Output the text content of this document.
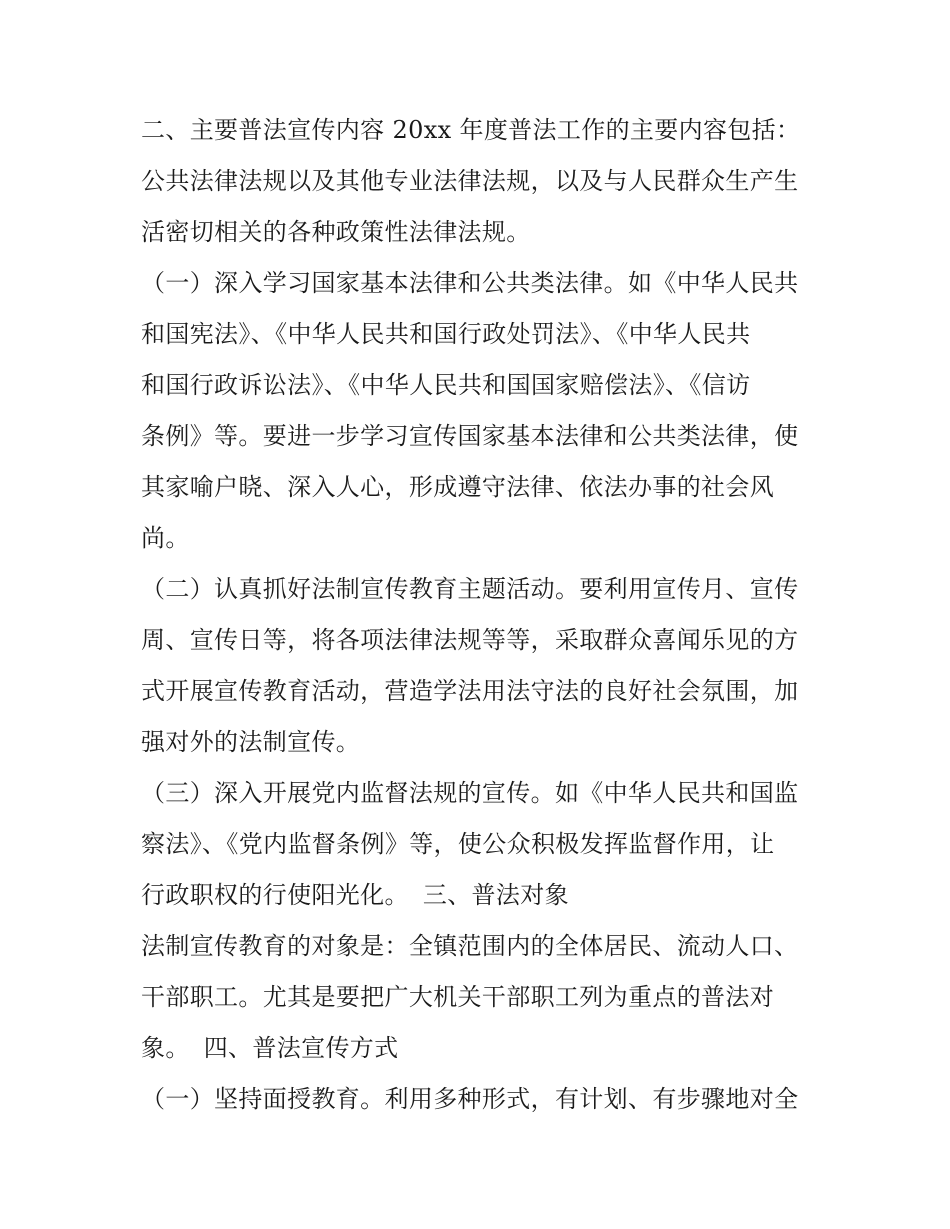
二、主要普法宣传内容 20xx 年度普法工作的主要内容包括：
公共法律法规以及其他专业法律法规，以及与人民群众生产生
活密切相关的各种政策性法律法规。
（一）深入学习国家基本法律和公共类法律。如《中华人民共
和国宪法》、《中华人民共和国行政处罚法》、《中华人民共
和国行政诉讼法》、《中华人民共和国国家赔偿法》、《信访
条例》等。要进一步学习宣传国家基本法律和公共类法律，使
其家喻户晓、深入人心，形成遵守法律、依法办事的社会风
尚。
（二）认真抓好法制宣传教育主题活动。要利用宣传月、宣传
周、宣传日等，将各项法律法规等等，采取群众喜闻乐见的方
式开展宣传教育活动，营造学法用法守法的良好社会氛围，加
强对外的法制宣传。
（三）深入开展党内监督法规的宣传。如《中华人民共和国监
察法》、《党内监督条例》等，使公众积极发挥监督作用，让
行政职权的行使阳光化。 三、普法对象
法制宣传教育的对象是：全镇范围内的全体居民、流动人口、
干部职工。尤其是要把广大机关干部职工列为重点的普法对
象。 四、普法宣传方式
（一）坚持面授教育。利用多种形式，有计划、有步骤地对全
